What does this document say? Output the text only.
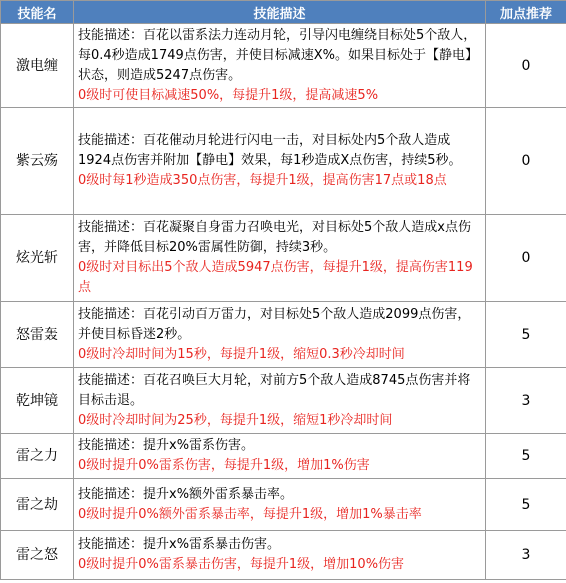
技能名	技能描述	加点推荐
激电缠	技能描述：百花以雷系法力连动月轮，引导闪电缠绕目标处5个敌人，每0.4秒造成1749点伤害，并使目标减速X%。如果目标处于【静电】状态，则造成5247点伤害。
0级时可使目标减速50%，每提升1级，提高减速5%	0
紫云殇	技能描述：百花催动月轮进行闪电一击，对目标处内5个敌人造成1924点伤害并附加【静电】效果，每1秒造成X点伤害，持续5秒。
0级时每1秒造成350点伤害，每提升1级，提高伤害17点或18点	0
炫光斩	技能描述：百花凝聚自身雷力召唤电光，对目标处5个敌人造成x点伤害，并降低目标20%雷属性防御，持续3秒。
0级时对目标出5个敌人造成5947点伤害，每提升1级，提高伤害119点	0
怒雷轰	技能描述：百花引动百万雷力，对目标处5个敌人造成2099点伤害，并使目标昏迷2秒。
0级时冷却时间为15秒，每提升1级，缩短0.3秒冷却时间	5
乾坤镜	技能描述：百花召唤巨大月轮，对前方5个敌人造成8745点伤害并将目标击退。
0级时冷却时间为25秒，每提升1级，缩短1秒冷却时间	3
雷之力	技能描述：提升x%雷系伤害。
0级时提升0%雷系伤害，每提升1级，增加1%伤害	5
雷之劫	技能描述：提升x%额外雷系暴击率。
0级时提升0%额外雷系暴击率，每提升1级，增加1%暴击率	5
雷之怒	技能描述：提升x%雷系暴击伤害。
0级时提升0%雷系暴击伤害，每提升1级，增加10%伤害	3
